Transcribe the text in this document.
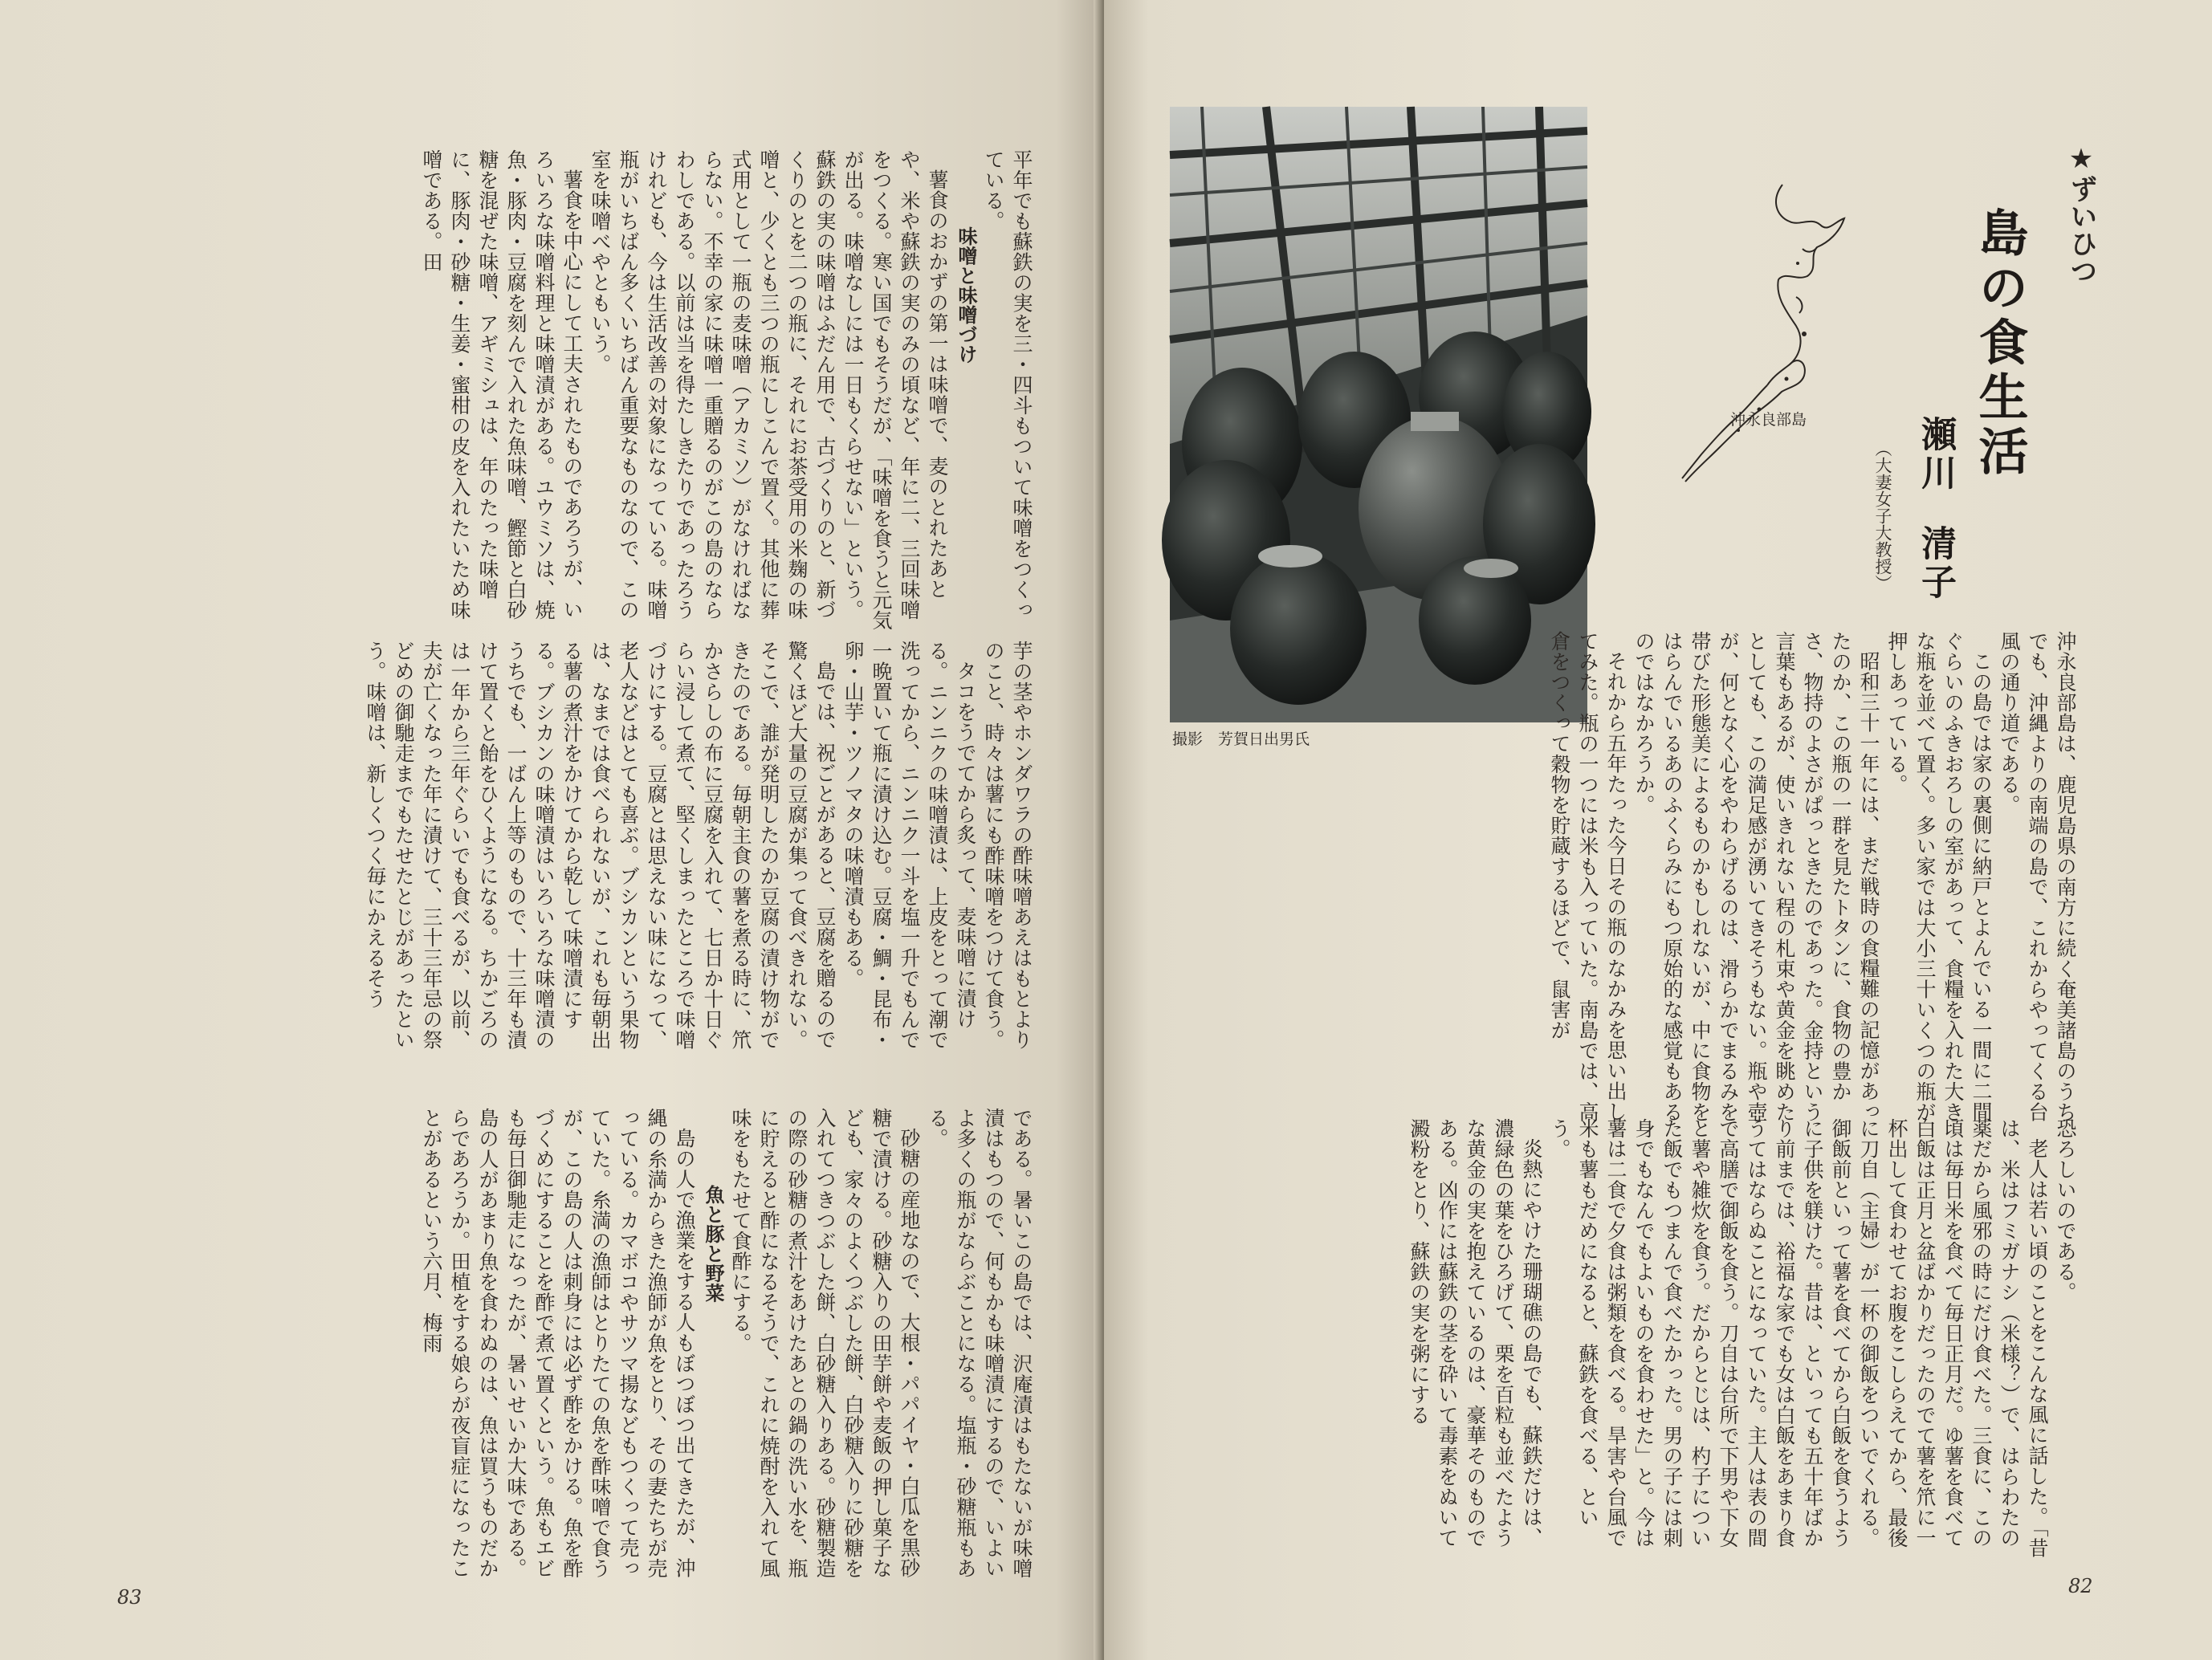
平年でも蘇鉄の実を三・四斗もついて味噌をつくっている。

味噌と味噌づけ

薯食のおかずの第一は味噌で、麦のとれたあとや、米や蘇鉄の実のみの頃など、年に二、三回味噌をつくる。寒い国でもそうだが、「味噌を食うと元気が出る。味噌なしには一日もくらせない」という。蘇鉄の実の味噌はふだん用で、古づくりのと、新づくりのとを二つの瓶に、それにお茶受用の米麹の味噌と、少くとも三つの瓶にしこんで置く。其他に葬式用として一瓶の麦味噌（アカミソ）がなければならない。不幸の家に味噌一重贈るのがこの島のならわしである。以前は当を得たしきたりであったろうけれども、今は生活改善の対象になっている。味噌瓶がいちばん多くいちばん重要なものなので、この室を味噌べやともいう。

薯食を中心にして工夫されたものであろうが、いろいろな味噌料理と味噌漬がある。ユウミソは、焼魚・豚肉・豆腐を刻んで入れた魚味噌、鰹節と白砂糖を混ぜた味噌、アギミシュは、年のたった味噌に、豚肉・砂糖・生姜・蜜柑の皮を入れたいため味噌である。田

芋の茎やホンダワラの酢味噌あえはもとよりのこと、時々は薯にも酢味噌をつけて食う。

タコをうでてから炙って、麦味噌に漬ける。ニンニクの味噌漬は、上皮をとって潮で洗ってから、ニンニク一斗を塩一升でもんで一晩置いて瓶に漬け込む。豆腐・鯛・昆布・卵・山芋・ツノマタの味噌漬もある。

島では、祝ごとがあると、豆腐を贈るので驚くほど大量の豆腐が集って食べきれない。そこで、誰が発明したのか豆腐の漬け物ができたのである。毎朝主食の薯を煮る時に、笊かさらしの布に豆腐を入れて、七日か十日ぐらい浸して煮て、堅くしまったところで味噌づけにする。豆腐とは思えない味になって、老人などはとても喜ぶ。ブシカンという果物は、なまでは食べられないが、これも毎朝出る薯の煮汁をかけてから乾して味噌漬にする。ブシカンの味噌漬はいろいろな味噌漬のうちでも、一ばん上等のもので、十三年も漬けて置くと飴をひくようになる。ちかごろのは一年から三年ぐらいでも食べるが、以前、夫が亡くなった年に漬けて、三十三年忌の祭どめの御馳走までもたせたとじがあったという。味噌は、新しくつく毎にかえるそう

である。暑いこの島では、沢庵漬はもたないが味噌漬はもつので、何もかも味噌漬にするので、いよいよ多くの瓶がならぶことになる。塩瓶・砂糖瓶もある。

砂糖の産地なので、大根・パパイヤ・白瓜を黒砂糖で漬ける。砂糖入りの田芋餅や麦飯の押し菓子なども、家々のよくつぶした餅、白砂糖入りに砂糖を入れてつきつぶした餅、白砂糖入りある。砂糖製造の際の砂糖の煮汁をあけたあとの鍋の洗い水を、瓶に貯えると酢になるそうで、これに焼酎を入れて風味をもたせて食酢にする。

魚と豚と野菜

島の人で漁業をする人もぼつぼつ出てきたが、沖縄の糸満からきた漁師が魚をとり、その妻たちが売っている。カマボコやサツマ揚などもつくって売っていた。糸満の漁師はとりたての魚を酢味噌で食うが、この島の人は刺身には必ず酢をかける。魚を酢づくめにすることを酢で煮て置くという。魚もエビも毎日御馳走になったが、暑いせいか大味である。島の人があまり魚を食わぬのは、魚は買うものだからであろうか。田植をする娘らが夜盲症になったことがあるという六月、梅雨

83
★ずいひつ
島の食生活
瀬川清子
（大妻女子大教授）
沖永良部島
撮影　芳賀日出男氏	沖永良部島は、鹿児島県の南方に続く奄美諸島のうちでも、沖縄よりの南端の島で、これからやってくる台風の通り道である。

この島では家の裏側に納戸とよんでいる一間に二間ぐらいのふきおろしの室があって、食糧を入れた大きな瓶を並べて置く。多い家では大小三十いくつの瓶が押しあっている。

昭和三十一年には、まだ戦時の食糧難の記憶があったのか、この瓶の一群を見たトタンに、食物の豊かさ、物持のよさがぱっときたのであった。金持という言葉もあるが、使いきれない程の札束や黄金を眺めたとしても、この満足感が湧いてきそうもない。瓶や壺が、何となく心をやわらげるのは、滑らかでまるみを帯びた形態美によるものかもしれないが、中に食物をはらんでいるあのふくらみにもつ原始的な感覚もあるのではなかろうか。

それから五年たった今日その瓶のなかみを思い出してみた。瓶の一つには米も入っていた。南島では、高倉をつくって穀物を貯蔵するほどで、鼠害が

恐ろしいのである。

老人は若い頃のことをこんな風に話した。「昔は、米はフミガナシ（米様？）で、はらわたの薬だから風邪の時にだけ食べた。三食に、この頃は毎日米を食べて毎日正月だ。ゆ薯を食べて白飯は正月と盆ばかりだったのでて薯を笊に一杯出して食わせてお腹をこしらえてから、最後に刀自（主婦）が一杯の御飯をついでくれる。御飯前といって薯を食べてから白飯を食うように子供を躾けた。昔は、といっても五十年ばかり前までは、裕福な家でも女は白飯をあまり食うてはならぬことになっていた。主人は表の間で高膳で御飯を食う。刀自は台所で下男や下女と薯や雑炊を食う。だからとじは、杓子についた飯でもつまんで食べたかった。男の子には刺身でもなんでもよいものを食わせた」と。今は薯は二食で夕食は粥類を食べる。旱害や台風で米も薯もだめになると、蘇鉄を食べる、という。

炎熱にやけた珊瑚礁の島でも、蘇鉄だけは、濃緑色の葉をひろげて、栗を百粒も並べたような黄金の実を抱えているのは、豪華そのものである。凶作には蘇鉄の茎を砕いて毒素をぬいて澱粉をとり、蘇鉄の実を粥にする

82
